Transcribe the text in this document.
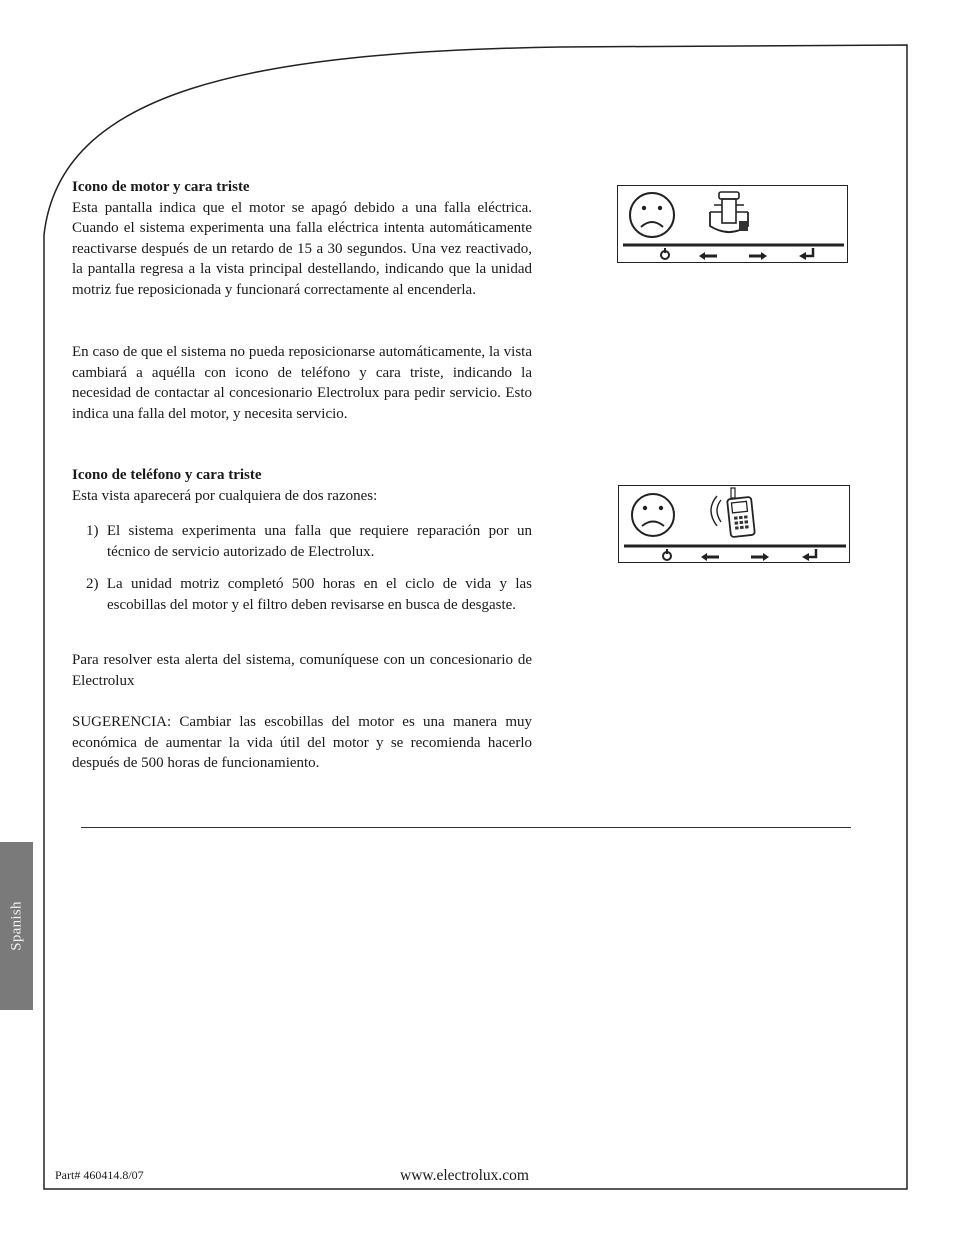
Icono de motor y cara triste
Esta pantalla indica que el motor se apagó debido a una falla eléctrica. Cuando el sistema experimenta una falla eléctrica intenta automáticamente reactivarse después de un retardo de 15 a 30 segundos. Una vez reactivado, la pantalla regresa a la vista principal destellando, indicando que la unidad motriz fue reposicionada y funcionará correctamente al encenderla.
En caso de que el sistema no pueda reposicionarse automáticamente, la vista cambiará a aquélla con icono de teléfono y cara triste, indicando la necesidad de contactar al concesionario Electrolux para pedir servicio. Esto indica una falla del motor, y necesita servicio.
Icono de teléfono y cara triste
Esta vista aparecerá por cualquiera de dos razones:
1) El sistema experimenta una falla que requiere reparación por un técnico de servicio autorizado de Electrolux.
2) La unidad motriz completó 500 horas en el ciclo de vida y las escobillas del motor y el filtro deben revisarse en busca de desgaste.
Para resolver esta alerta del sistema, comuníquese con un concesionario de Electrolux
SUGERENCIA: Cambiar las escobillas del motor es una manera muy económica de aumentar la vida útil del motor y se recomienda hacerlo después de 500 horas de funcionamiento.
Spanish
Part# 460414.8/07	www.electrolux.com
